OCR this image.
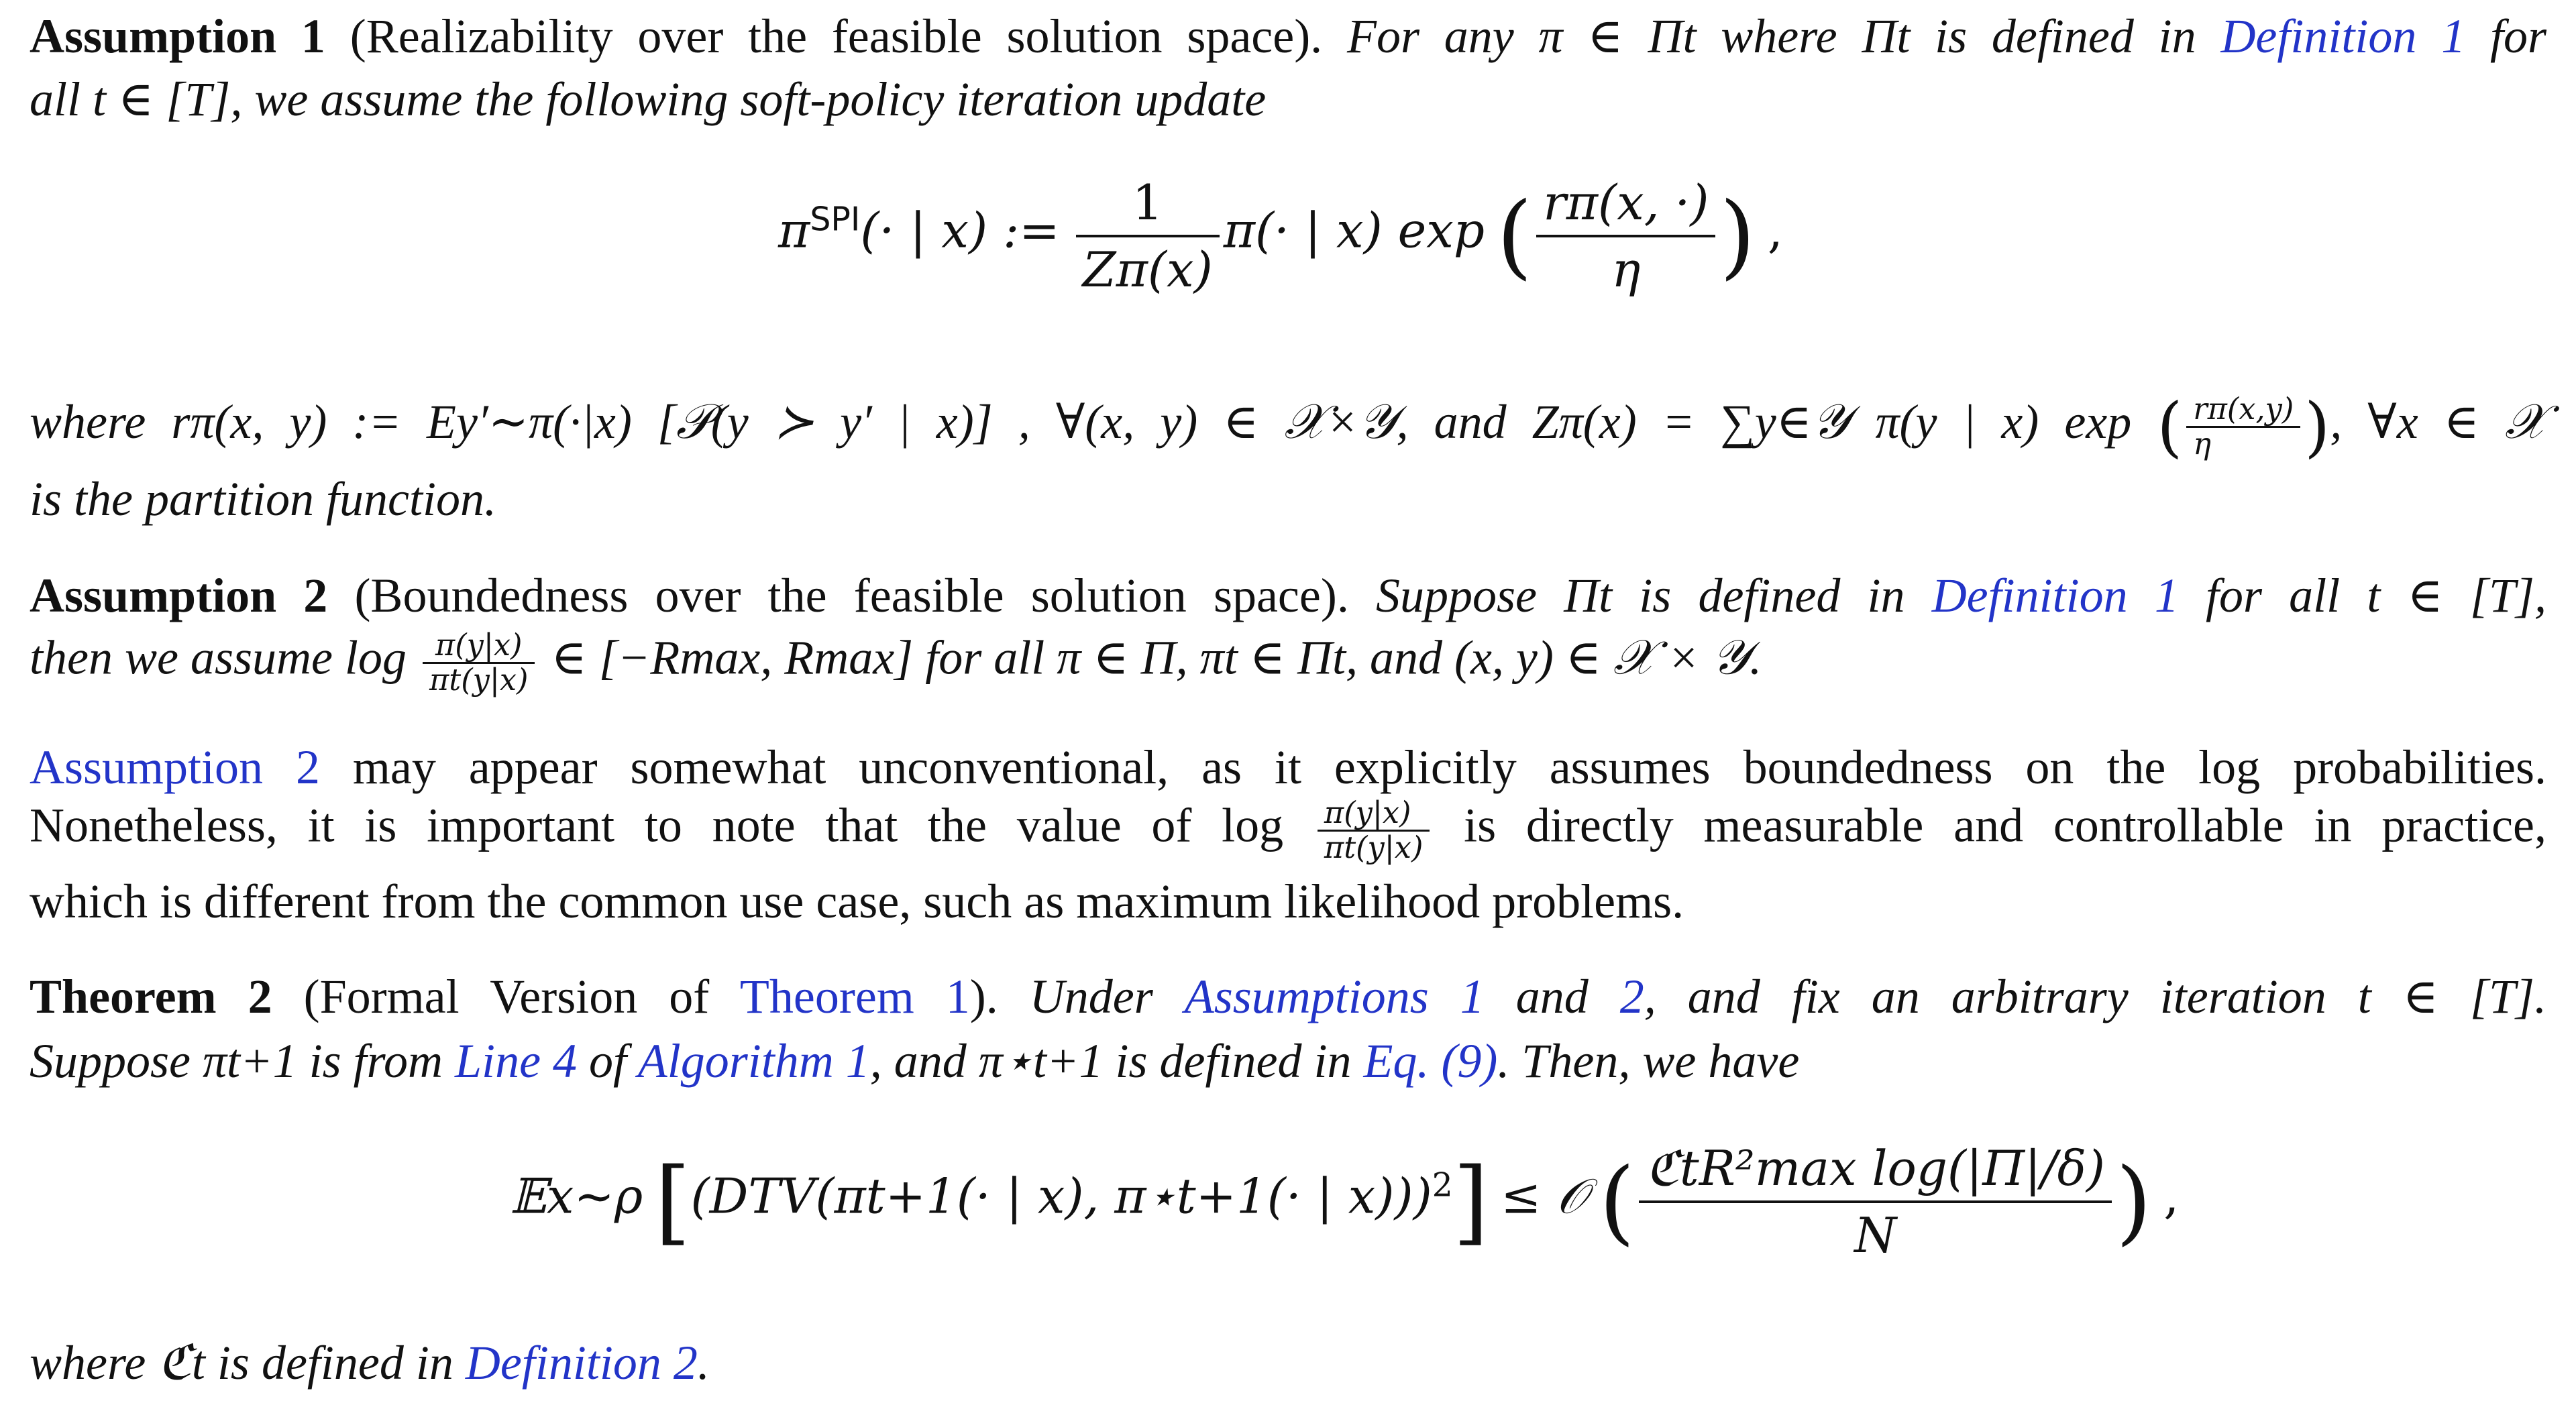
Assumption 1 (Realizability over the feasible solution space). For any π ∈ Πt where Πt is defined in Definition 1 for
all t ∈ [T], we assume the following soft-policy iteration update
$\pi^{SPI}(\cdot$ | x) := $\frac{1}{Z\pi(x)} \pi(\cdot$ | x) exp ( $\frac{r\pi(x, \cdot)}{\eta}$ ) ,
where rπ(x, y) := Ey′∼π(·|x) [𝒫(y ≻ y′ | x)] , ∀(x, y) ∈ 𝒳×𝒴, and Zπ(x) = ∑y∈𝒴 π(y | x) exp ( $\frac{r\pi(x,y)}{\eta}$ ), ∀x ∈ 𝒳
is the partition function.
Assumption 2 (Boundedness over the feasible solution space). Suppose Πt is defined in Definition 1 for all t ∈ [T],
then we assume $\log \frac{\pi(y|x)}{\pi t(y|x)}$ ∈ [−Rmax, Rmax] for all π ∈ Π, πt ∈ Πt, and (x, y) ∈ 𝒳 × 𝒴.
Assumption 2 may appear somewhat unconventional, as it explicitly assumes boundedness on the log probabilities.
Nonetheless, it is important to note that the value of $\log \frac{\pi(y|x)}{\pi t(y|x)}$ is directly measurable and controllable in practice,
which is different from the common use case, such as maximum likelihood problems.
Theorem 2 (Formal Version of Theorem 1). Under Assumptions 1 and 2, and fix an arbitrary iteration t ∈ [T].
Suppose πt+1 is from Line 4 of Algorithm 1, and π⋆t+1 is defined in Eq. (9). Then, we have
𝔼x∼ρ [(DTV(πt+1(· | x), π⋆t+1(· | x)))$^2$] ≤ 𝒪 ( $\frac{\text{ℭtR²max log(|Π|/δ)}}{N}$ ) ,
where ℭt is defined in Definition 2.
